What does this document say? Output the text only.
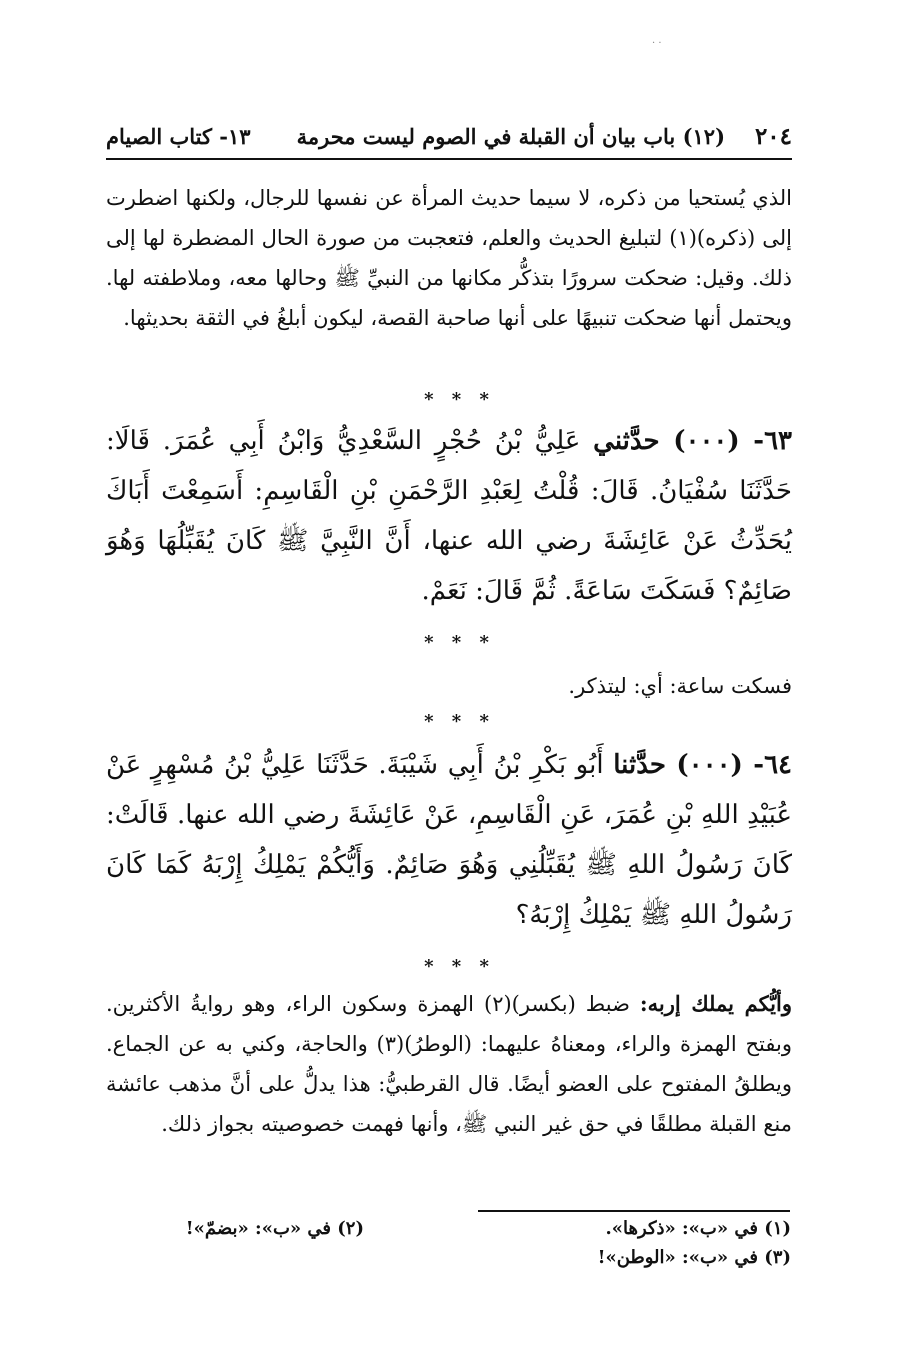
· ·
٢٠٤
(١٢) باب بيان أن القبلة في الصوم ليست محرمة
١٣- كتاب الصيام
الذي يُستحيا من ذكره، لا سيما حديث المرأة عن نفسها للرجال، ولكنها اضطرت إلى (ذكره)(١) لتبليغ الحديث والعلم، فتعجبت من صورة الحال المضطرة لها إلى ذلك. وقيل: ضحكت سرورًا بتذكُّر مكانها من النبيِّ ﷺ وحالها معه، وملاطفته لها. ويحتمل أنها ضحكت تنبيهًا على أنها صاحبة القصة، ليكون أبلغُ في الثقة بحديثها.
* * *
٦٣- (٠٠٠) حدَّثني عَلِيُّ بْنُ حُجْرٍ السَّعْدِيُّ وَابْنُ أَبِي عُمَرَ. قَالَا: حَدَّثَنَا سُفْيَانُ. قَالَ: قُلْتُ لِعَبْدِ الرَّحْمَنِ بْنِ الْقَاسِمِ: أَسَمِعْتَ أَبَاكَ يُحَدِّثُ عَنْ عَائِشَةَ رضي الله عنها، أَنَّ النَّبِيَّ ﷺ كَانَ يُقَبِّلُهَا وَهُوَ صَائِمٌ؟ فَسَكَتَ سَاعَةً. ثُمَّ قَالَ: نَعَمْ.
* * *
فسكت ساعة: أي: ليتذكر.
* * *
٦٤- (٠٠٠) حدَّثنا أَبُو بَكْرِ بْنُ أَبِي شَيْبَةَ. حَدَّثَنَا عَلِيُّ بْنُ مُسْهِرٍ عَنْ عُبَيْدِ اللهِ بْنِ عُمَرَ، عَنِ الْقَاسِمِ، عَنْ عَائِشَةَ رضي الله عنها. قَالَتْ: كَانَ رَسُولُ اللهِ ﷺ يُقَبِّلُنِي وَهُوَ صَائِمٌ. وَأَيُّكُمْ يَمْلِكُ إِرْبَهُ كَمَا كَانَ رَسُولُ اللهِ ﷺ يَمْلِكُ إِرْبَهُ؟
* * *
وأيُّكم يملك إربه: ضبط (بكسر)(٢) الهمزة وسكون الراء، وهو روايةُ الأكثرين. وبفتح الهمزة والراء، ومعناهُ عليهما: (الوطرُ)(٣) والحاجة، وكني به عن الجماع. ويطلقُ المفتوح على العضو أيضًا. قال القرطبيُّ: هذا يدلُّ على أنَّ مذهب عائشة منع القبلة مطلقًا في حق غير النبي ﷺ، وأنها فهمت خصوصيته بجواز ذلك.
(١) في «ب»: «ذكرها».
(٢) في «ب»: «بضمّ»!
(٣) في «ب»: «الوطن»!
